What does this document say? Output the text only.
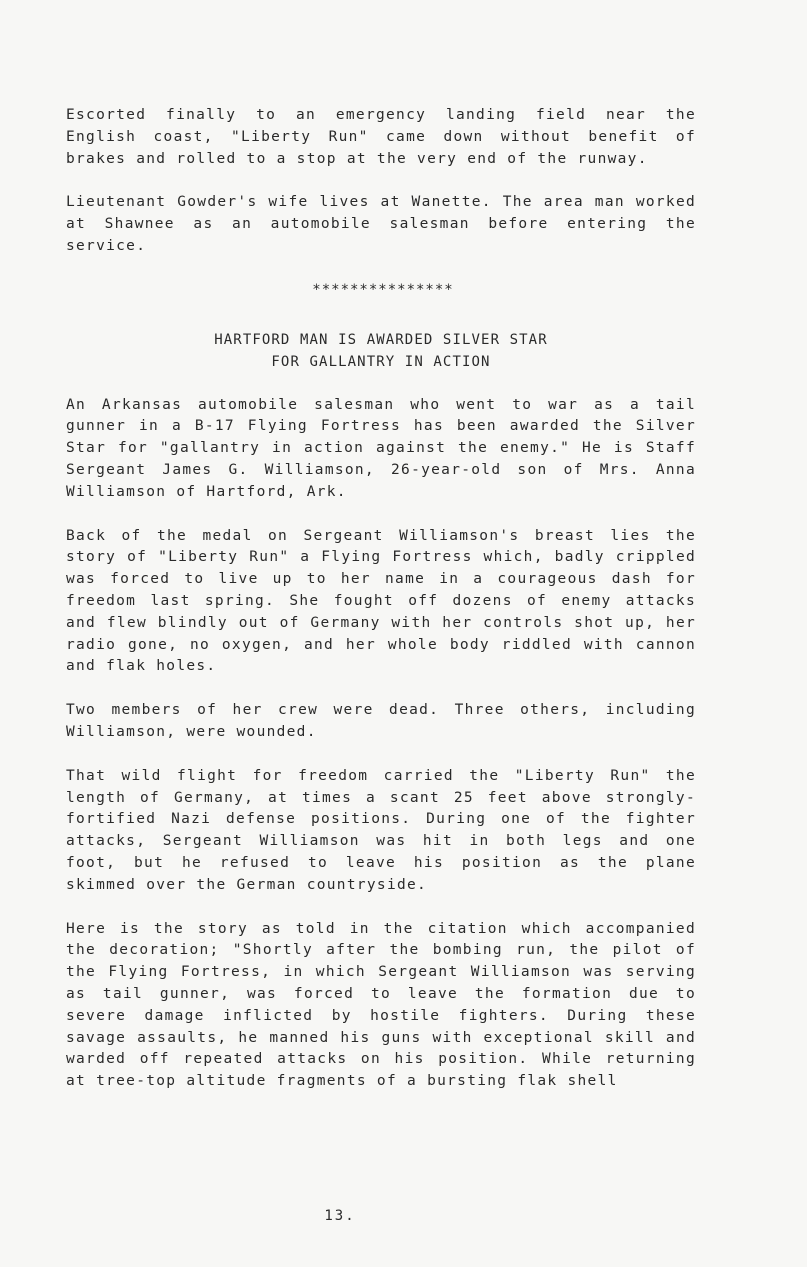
Escorted finally to an emergency landing field near the English coast, "Liberty Run" came down without benefit of brakes and rolled to a stop at the very end of the runway.

Lieutenant Gowder's wife lives at Wanette. The area man worked at Shawnee as an automobile salesman before entering the service.

***************
HARTFORD MAN IS AWARDED SILVER STAR
FOR GALLANTRY IN ACTION

An Arkansas automobile salesman who went to war as a tail gunner in a B-17 Flying Fortress has been awarded the Silver Star for "gallantry in action against the enemy." He is Staff Sergeant James G. Williamson, 26-year-old son of Mrs. Anna Williamson of Hartford, Ark.

Back of the medal on Sergeant Williamson's breast lies the story of "Liberty Run" a Flying Fortress which, badly crippled was forced to live up to her name in a courageous dash for freedom last spring. She fought off dozens of enemy attacks and flew blindly out of Germany with her controls shot up, her radio gone, no oxygen, and her whole body riddled with cannon and flak holes.

Two members of her crew were dead. Three others, including Williamson, were wounded.

That wild flight for freedom carried the "Liberty Run" the length of Germany, at times a scant 25 feet above strongly-fortified Nazi defense positions. During one of the fighter attacks, Sergeant Williamson was hit in both legs and one foot, but he refused to leave his position as the plane skimmed over the German countryside.

Here is the story as told in the citation which accompanied the decoration; "Shortly after the bombing run, the pilot of the Flying Fortress, in which Sergeant Williamson was serving as tail gunner, was forced to leave the formation due to severe damage inflicted by hostile fighters. During these savage assaults, he manned his guns with exceptional skill and warded off repeated attacks on his position. While returning at tree-top altitude fragments of a bursting flak shell

13.
